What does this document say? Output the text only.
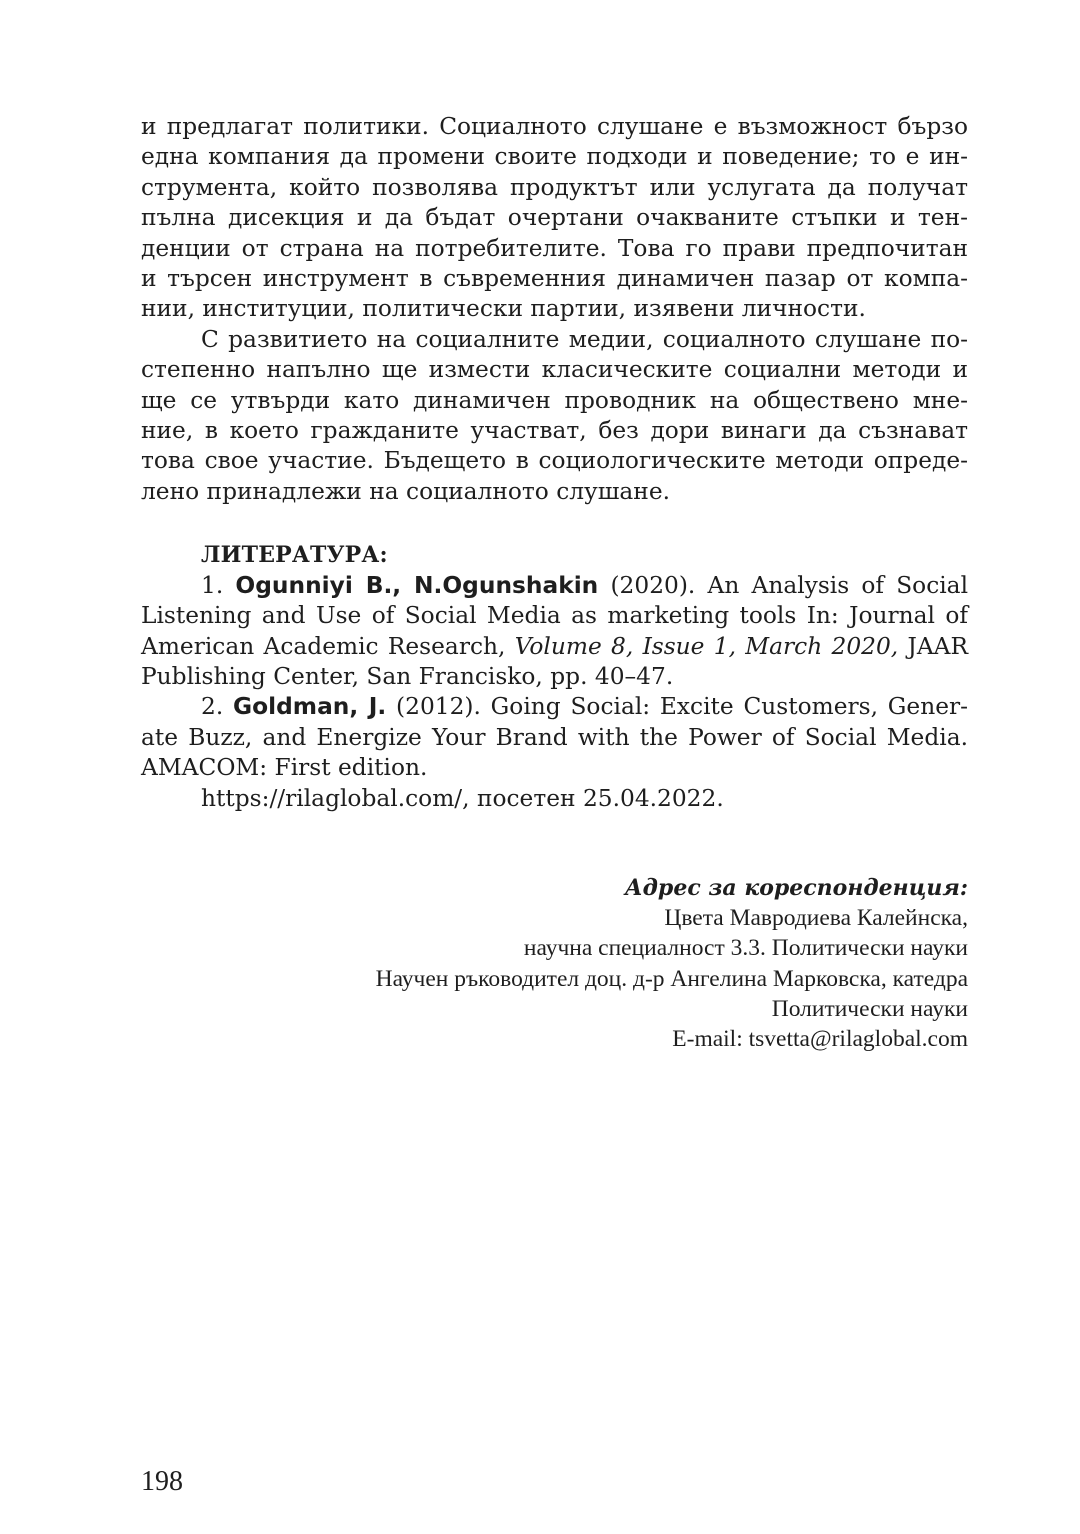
и предлагат политики. Социалното слушане е възможност бързо
една компания да промени своите подходи и поведение; то е ин-
струмента, който позволява продуктът или услугата да получат
пълна дисекция и да бъдат очертани очакваните стъпки и тен-
денции от страна на потребителите. Това го прави предпочитан
и търсен инструмент в съвременния динамичен пазар от компа-
нии, институции, политически партии, изявени личности.
С развитието на социалните медии, социалното слушане по-
степенно напълно ще измести класическите социални методи и
ще се утвърди като динамичен проводник на обществено мне-
ние, в което гражданите участват, без дори винаги да съзнават
това свое участие. Бъдещето в социологическите методи опреде-
лено принадлежи на социалното слушане.
ЛИТЕРАТУРА:
1. Ogunniyi B., N.Ogunshakin (2020). An Analysis of Social
Listening and Use of Social Media as marketing tools In: Journal of
American Academic Research, Volume 8, Issue 1, March 2020, JAAR
Publishing Center, San Francisko, pp. 40–47.
2. Goldman, J. (2012). Going Social: Excite Customers, Gener-
ate Buzz, and Energize Your Brand with the Power of Social Media.
AMACOM: First edition.
https://rilaglobal.com/, посетен 25.04.2022.
Адрес за кореспонденция:
Цвета Мавродиева Калейнска,
научна специалност 3.3. Политически науки
Научен ръководител доц. д-р Ангелина Марковска, катедра
Политически науки
E-mail: tsvetta@rilaglobal.com
198
